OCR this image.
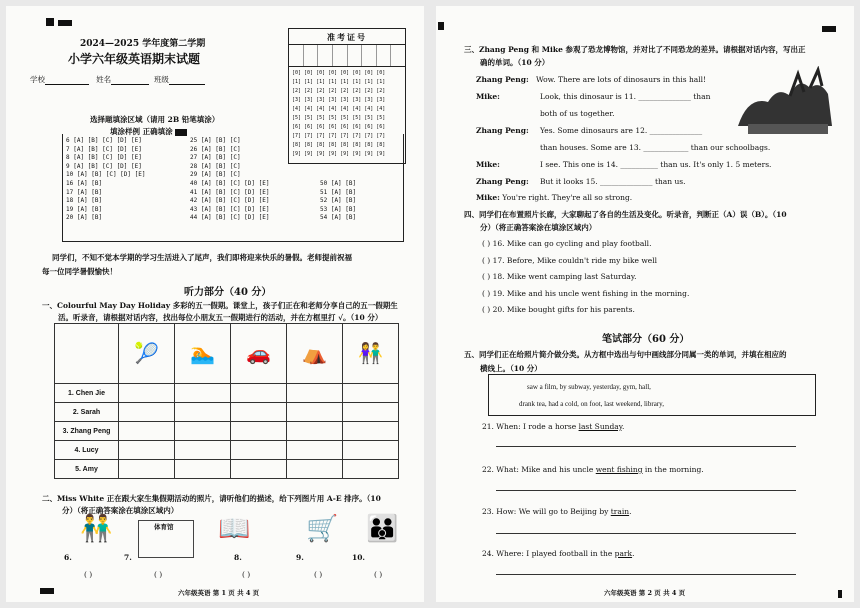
2024—2025 学年度第二学期
小学六年级英语期末试题
学校	姓名	班级
准考证号
[0] [0] [0] [0] [0] [0] [0] [0]
[1] [1] [1] [1] [1] [1] [1] [1]
[2] [2] [2] [2] [2] [2] [2] [2]
[3] [3] [3] [3] [3] [3] [3] [3]
[4] [4] [4] [4] [4] [4] [4] [4]
[5] [5] [5] [5] [5] [5] [5] [5]
[6] [6] [6] [6] [6] [6] [6] [6]
[7] [7] [7] [7] [7] [7] [7] [7]
[8] [8] [8] [8] [8] [8] [8] [8]
[9] [9] [9] [9] [9] [9] [9] [9]
选择题填涂区域（请用 2B 铅笔填涂）
填涂样例 正确填涂
6 [A] [B] [C] [D] [E]
7 [A] [B] [C] [D] [E]
8 [A] [B] [C] [D] [E]
9 [A] [B] [C] [D] [E]
10 [A] [B] [C] [D] [E]
16 [A] [B]
17 [A] [B]
18 [A] [B]
19 [A] [B]
20 [A] [B]
25 [A] [B] [C]
26 [A] [B] [C]
27 [A] [B] [C]
28 [A] [B] [C]
29 [A] [B] [C]
40 [A] [B] [C] [D] [E]
41 [A] [B] [C] [D] [E]
42 [A] [B] [C] [D] [E]
43 [A] [B] [C] [D] [E]
44 [A] [B] [C] [D] [E]
50 [A] [B]
51 [A] [B]
52 [A] [B]
53 [A] [B]
54 [A] [B]
同学们，不知不觉本学期的学习生活进入了尾声，我们即将迎来快乐的暑假。老师提前祝福
每一位同学暑假愉快！
听力部分（40 分）
一、Colourful May Day Holiday 多彩的五一假期。课堂上，孩子们正在和老师分享自己的五一假期生
活。听录音，请根据对话内容，找出每位小朋友五一假期进行的活动，并在方框里打 √。（10 分）
	🎾	🏊	🚗	⛺	👫
1. Chen Jie					
2. Sarah					
3. Zhang Peng					
4. Lucy					
5. Amy					
二、Miss White 正在跟大家生集假期活动的照片，请听他们的描述，给下列图片用 A-E 排序。（10
分）（将正确答案涂在填涂区域内）
6.
👬
7.
体育馆 📖
9.
8.
🛒
10.
👪
( )	( )	( )	( )	( )
六年级英语 第 1 页 共 4 页
三、Zhang Peng 和 Mike 参观了恐龙博物馆，并对比了不同恐龙的差异。请根据对话内容，写出正
确的单词。（10 分）
Zhang Peng: Wow. There are lots of dinosaurs in this hall!
Mike:	Look, this dinosaur is 11. ______________ than
both of us together.
Zhang Peng: Yes. Some dinosaurs are 12. ______________
than houses. Some are 13. ____________ than our schoolbags.
Mike:	I see. This one is 14. __________ than us. It's only 1. 5 meters.
Zhang Peng: But it looks 15. ______________ than us.
Mike: You're right. They're all so strong.
四、同学们在布置照片长廊，大家聊起了各自的生活及变化。听录音，判断正（A）误（B）。（10
分）（将正确答案涂在填涂区域内）
( ) 16. Mike can go cycling and play football.
( ) 17. Before, Mike couldn't ride my bike well
( ) 18. Mike went camping last Saturday.
( ) 19. Mike and his uncle went fishing in the morning.
( ) 20. Mike bought gifts for his parents.
笔试部分（60 分）
五、同学们正在给照片简介做分类。从方框中选出与句中画线部分同属一类的单词，并填在相应的
横线上。（10 分）
saw a film, by subway, yesterday, gym, hall,
drank tea, had a cold, on foot, last weekend, library,
21. When: I rode a horse last Sunday.
22. What: Mike and his uncle went fishing in the morning.
23. How: We will go to Beijing by train.
24. Where: I played football in the park.
六年级英语 第 2 页 共 4 页
